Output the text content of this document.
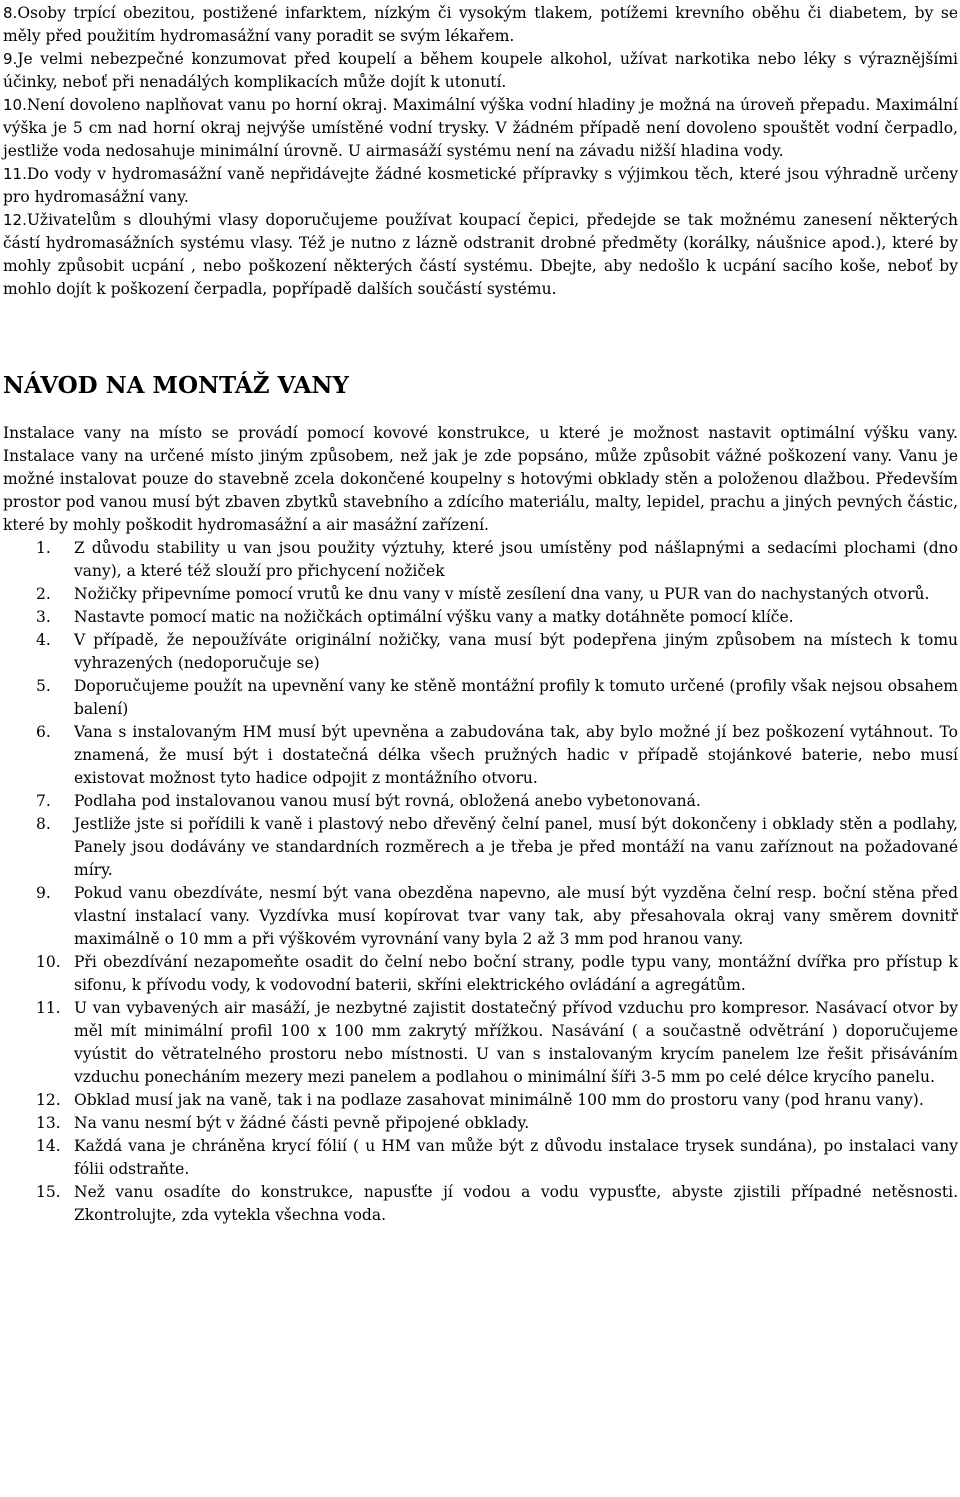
8.Osoby trpící obezitou, postižené infarktem, nízkým či vysokým tlakem, potížemi krevního oběhu či diabetem, by se měly před použitím hydromasážní vany poradit se svým lékařem.

9.Je velmi nebezpečné konzumovat před koupelí a během koupele alkohol, užívat narkotika nebo léky s výraznějšími účinky, neboť při nenadálých komplikacích může dojít k utonutí.

10.Není dovoleno naplňovat vanu po horní okraj. Maximální výška vodní hladiny je možná na úroveň přepadu. Maximální výška je 5 cm nad horní okraj nejvýše umístěné vodní trysky. V žádném případě není dovoleno spouštět vodní čerpadlo, jestliže voda nedosahuje minimální úrovně. U airmasáží systému není na závadu nižší hladina vody.

11.Do vody v hydromasážní vaně nepřidávejte žádné kosmetické přípravky s výjimkou těch, které jsou výhradně určeny pro hydromasážní vany.

12.Uživatelům s dlouhými vlasy doporučujeme používat koupací čepici, předejde se tak možnému zanesení některých částí hydromasážních systému vlasy. Též je nutno z lázně odstranit drobné předměty (korálky, náušnice apod.), které by mohly způsobit ucpání , nebo poškození některých částí systému. Dbejte, aby nedošlo k ucpání sacího koše, neboť by mohlo dojít k poškození čerpadla, popřípadě dalších součástí systému.

NÁVOD NA MONTÁŽ VANY

Instalace vany na místo se provádí pomocí kovové konstrukce, u které je možnost nastavit optimální výšku vany. Instalace vany na určené místo jiným způsobem, než jak je zde popsáno, může způsobit vážné poškození vany. Vanu je možné instalovat pouze do stavebně zcela dokončené koupelny s hotovými obklady stěn a položenou dlažbou. Především prostor pod vanou musí být zbaven zbytků stavebního a zdícího materiálu, malty, lepidel, prachu a jiných pevných částic, které by mohly poškodit hydromasážní a air masážní zařízení.

1.	Z důvodu stability u van jsou použity výztuhy, které jsou umístěny pod nášlapnými a sedacími plochami (dno vany), a které též slouží pro přichycení nožiček
2.	Nožičky připevníme pomocí vrutů ke dnu vany v místě zesílení dna vany, u PUR van do nachystaných otvorů.
3.	Nastavte pomocí matic na nožičkách optimální výšku vany a matky dotáhněte pomocí klíče.
4.	V případě, že nepoužíváte originální nožičky, vana musí být podepřena jiným způsobem na místech k tomu vyhrazených (nedoporučuje se)
5.	Doporučujeme použít na upevnění vany ke stěně montážní profily k tomuto určené (profily však nejsou obsahem balení)
6.	Vana s instalovaným HM musí být upevněna a zabudována tak, aby bylo možné jí bez poškození vytáhnout. To znamená, že musí být i dostatečná délka všech pružných hadic v případě stojánkové baterie, nebo musí existovat možnost tyto hadice odpojit z montážního otvoru.
7.	Podlaha pod instalovanou vanou musí být rovná, obložená anebo vybetonovaná.
8.	Jestliže jste si pořídili k vaně i plastový nebo dřevěný čelní panel, musí být dokončeny i obklady stěn a podlahy, Panely jsou dodávány ve standardních rozměrech a je třeba je před montáží na vanu zaříznout na požadované míry.
9.	Pokud vanu obezdíváte, nesmí být vana obezděna napevno, ale musí být vyzděna čelní resp. boční stěna před vlastní instalací vany. Vyzdívka musí kopírovat tvar vany tak, aby přesahovala okraj vany směrem dovnitř maximálně o 10 mm a při výškovém vyrovnání vany byla 2 až 3 mm pod hranou vany.
10. Při obezdívání nezapomeňte osadit do čelní nebo boční strany, podle typu vany, montážní dvířka pro přístup k sifonu, k přívodu vody, k vodovodní baterii, skříni elektrického ovládání a agregátům.
11. U van vybavených air masáží, je nezbytné zajistit dostatečný přívod vzduchu pro kompresor. Nasávací otvor by měl mít minimální profil 100 x 100 mm zakrytý mřížkou. Nasávání ( a součastně odvětrání ) doporučujeme vyústit do větratelného prostoru nebo místnosti. U van s instalovaným krycím panelem lze řešit přisáváním vzduchu ponecháním mezery mezi panelem a podlahou o minimální šíři 3-5 mm po celé délce krycího panelu.
12. Obklad musí jak na vaně, tak i na podlaze zasahovat minimálně 100 mm do prostoru vany (pod hranu vany).
13. Na vanu nesmí být v žádné části pevně připojené obklady.
14. Každá vana je chráněna krycí fólií ( u HM van může být z důvodu instalace trysek sundána), po instalaci vany fólii odstraňte.
15. Než vanu osadíte do konstrukce, napusťte jí vodou a vodu vypusťte, abyste zjistili případné netěsnosti. Zkontrolujte, zda vytekla všechna voda.
